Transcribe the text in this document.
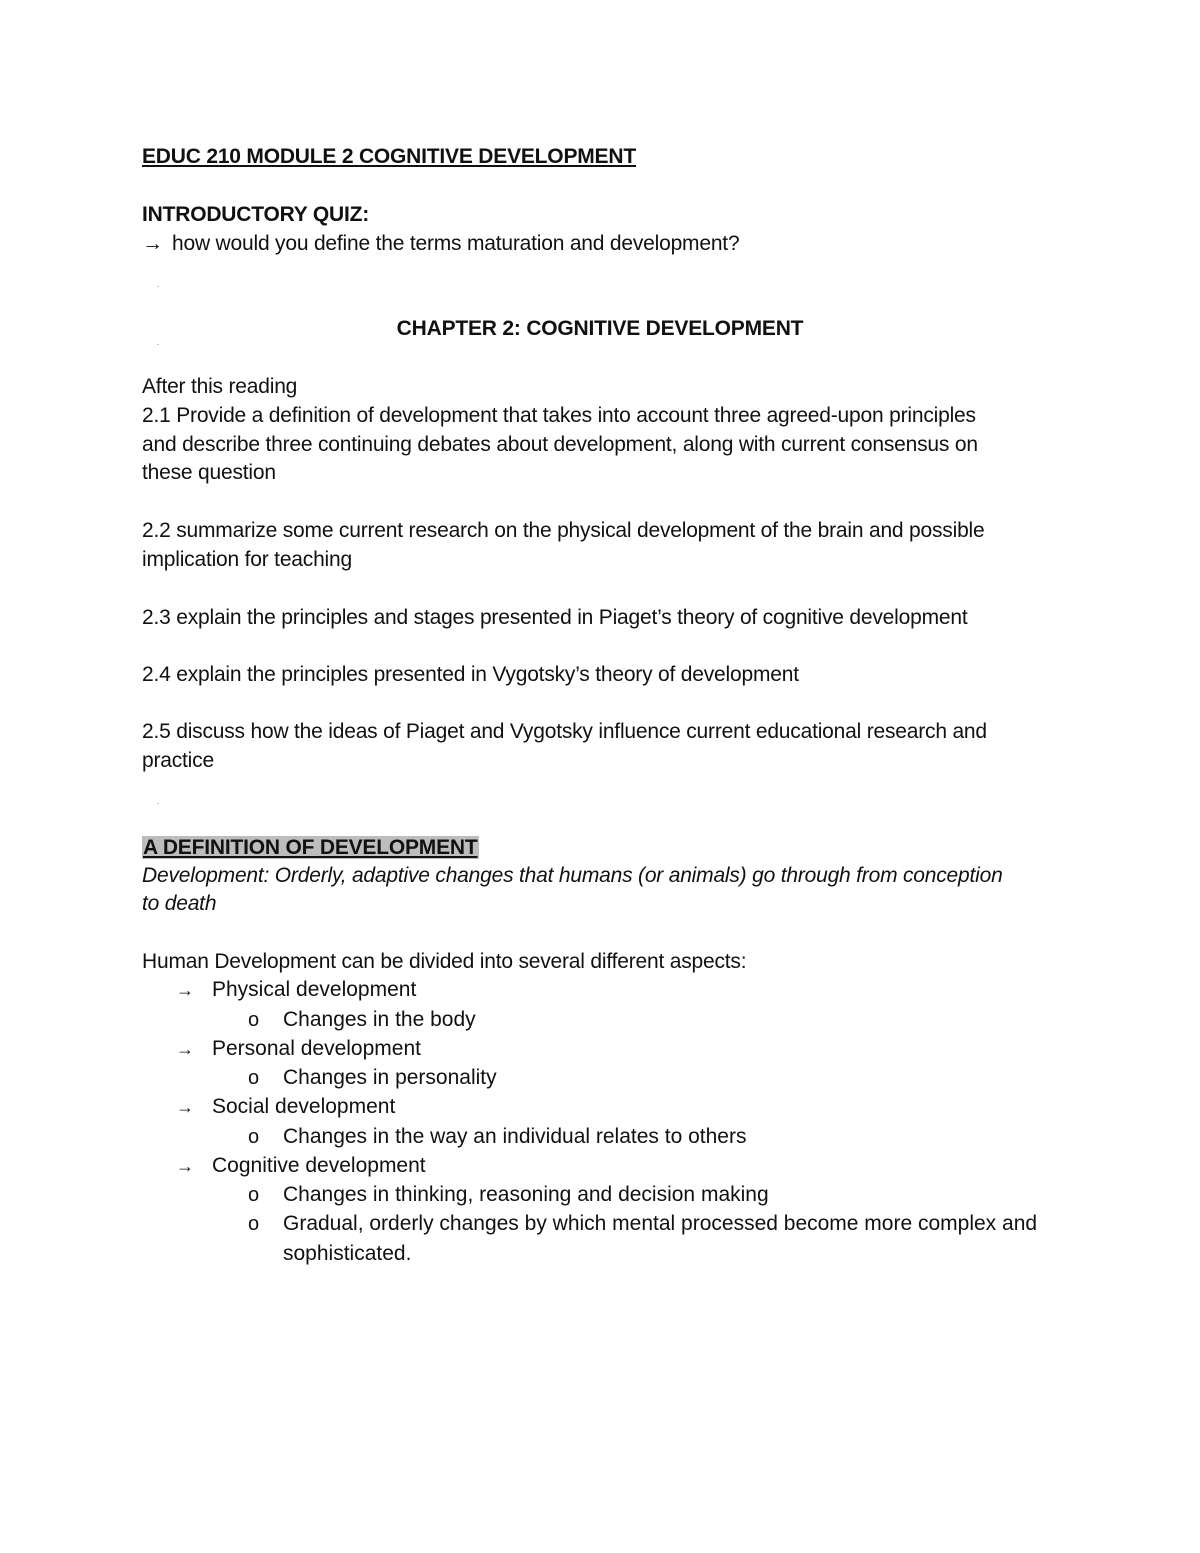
EDUC 210 MODULE 2 COGNITIVE DEVELOPMENT
INTRODUCTORY QUIZ:
→ how would you define the terms maturation and development?
CHAPTER 2: COGNITIVE DEVELOPMENT
After this reading
2.1 Provide a definition of development that takes into account three agreed-upon principles
and describe three continuing debates about development, along with current consensus on
these question
2.2 summarize some current research on the physical development of the brain and possible
implication for teaching
2.3 explain the principles and stages presented in Piaget’s theory of cognitive development
2.4 explain the principles presented in Vygotsky’s theory of development
2.5 discuss how the ideas of Piaget and Vygotsky influence current educational research and
practice
A DEFINITION OF DEVELOPMENT
Development: Orderly, adaptive changes that humans (or animals) go through from conception
to death
Human Development can be divided into several different aspects:
→ Physical development
o Changes in the body
→ Personal development
o Changes in personality
→ Social development
o Changes in the way an individual relates to others
→ Cognitive development
o Changes in thinking, reasoning and decision making
o Gradual, orderly changes by which mental processed become more complex and
sophisticated.
